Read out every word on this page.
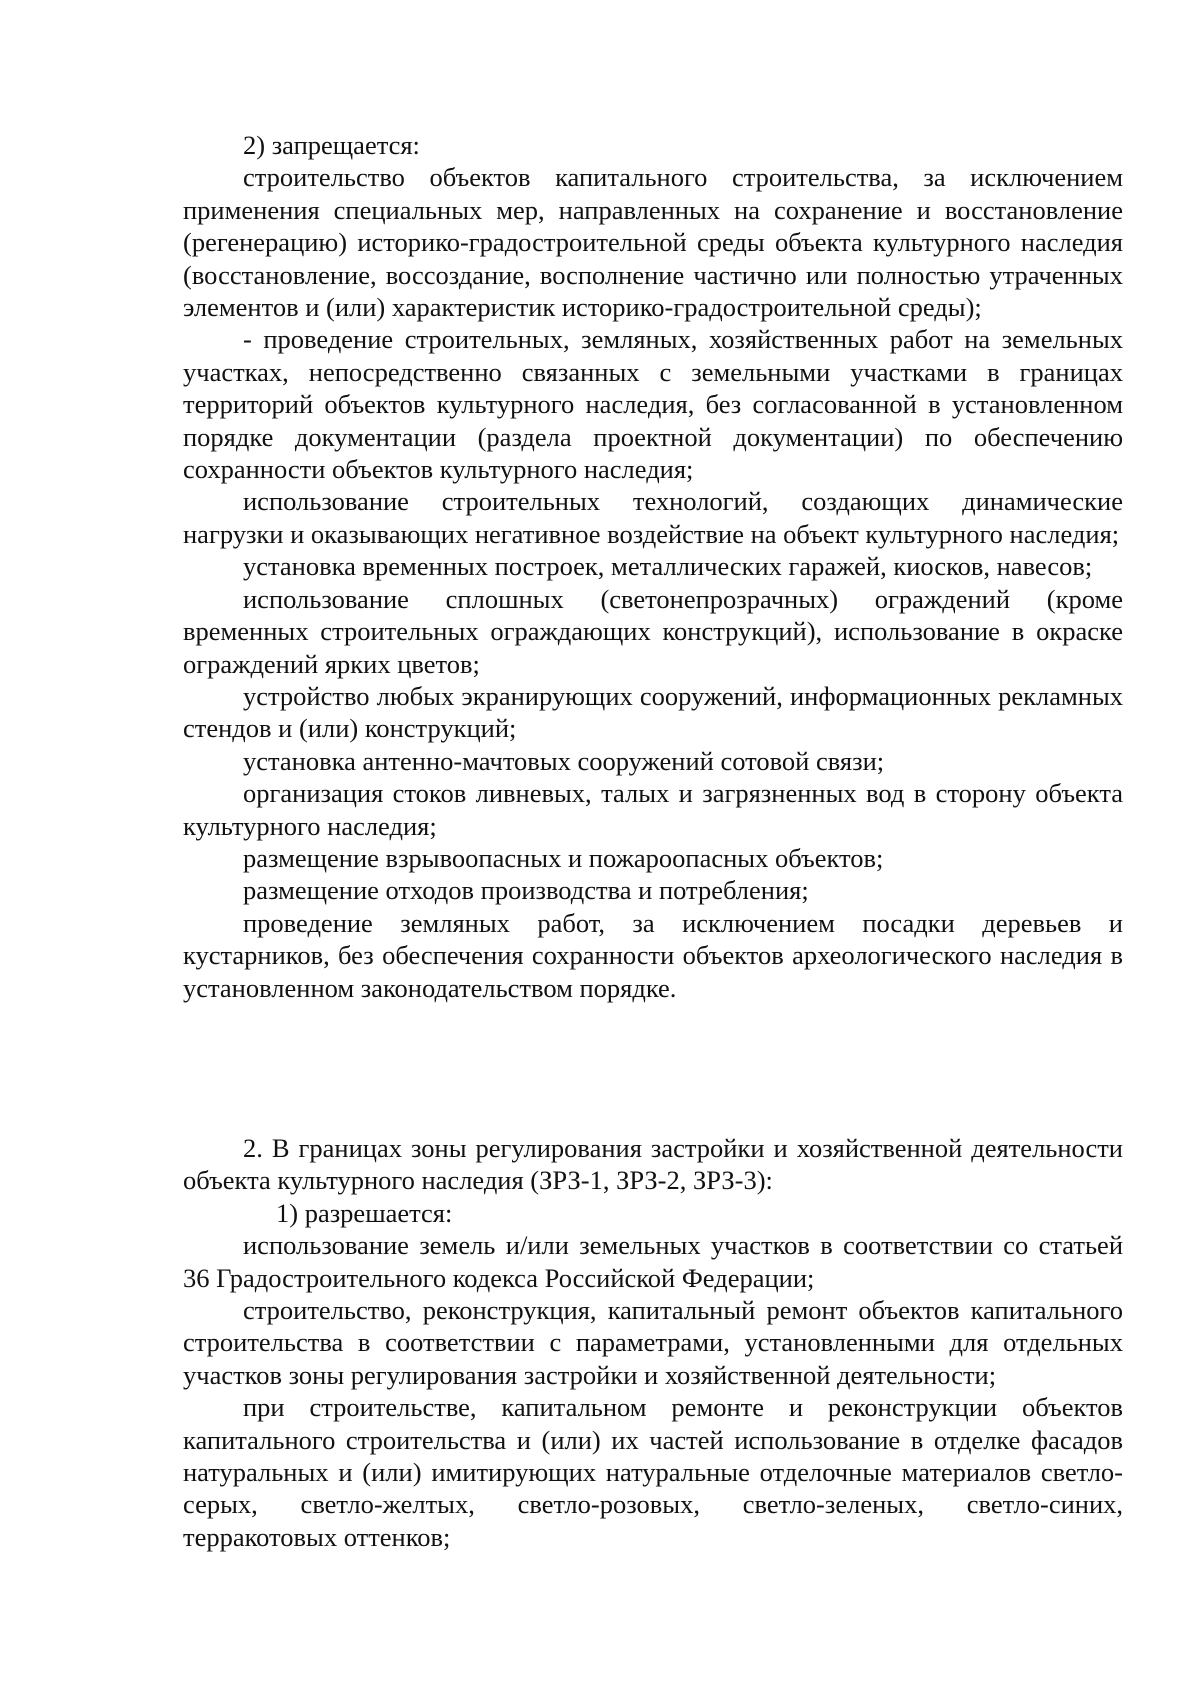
2) запрещается:

строительство объектов капитального строительства, за исключением применения специальных мер, направленных на сохранение и восстановление (регенерацию) историко-градостроительной среды объекта культурного наследия (восстановление, воссоздание, восполнение частично или полностью утраченных элементов и (или) характеристик историко-градостроительной среды);

- проведение строительных, земляных, хозяйственных работ на земельных участках, непосредственно связанных с земельными участками в границах территорий объектов культурного наследия, без согласованной в установленном порядке документации (раздела проектной документации) по обеспечению сохранности объектов культурного наследия;

использование строительных технологий, создающих динамические нагрузки и оказывающих негативное воздействие на объект культурного наследия;

установка временных построек, металлических гаражей, киосков, навесов;

использование сплошных (светонепрозрачных) ограждений (кроме временных строительных ограждающих конструкций), использование в окраске ограждений ярких цветов;

устройство любых экранирующих сооружений, информационных рекламных стендов и (или) конструкций;

установка антенно-мачтовых сооружений сотовой связи;

организация стоков ливневых, талых и загрязненных вод в сторону объекта культурного наследия;

размещение взрывоопасных и пожароопасных объектов;

размещение отходов производства и потребления;

проведение земляных работ, за исключением посадки деревьев и кустарников, без обеспечения сохранности объектов археологического наследия в установленном законодательством порядке.

2. В границах зоны регулирования застройки и хозяйственной деятельности объекта культурного наследия (ЗРЗ-1, ЗРЗ-2, ЗРЗ-3):

1) разрешается:

использование земель и/или земельных участков в соответствии со статьей 36 Градостроительного кодекса Российской Федерации;

строительство, реконструкция, капитальный ремонт объектов капитального строительства в соответствии с параметрами, установленными для отдельных участков зоны регулирования застройки и хозяйственной деятельности;

при строительстве, капитальном ремонте и реконструкции объектов капитального строительства и (или) их частей использование в отделке фасадов натуральных и (или) имитирующих натуральные отделочные материалов светло-серых, светло-желтых, светло-розовых, светло-зеленых, светло-синих, терракотовых оттенков;
